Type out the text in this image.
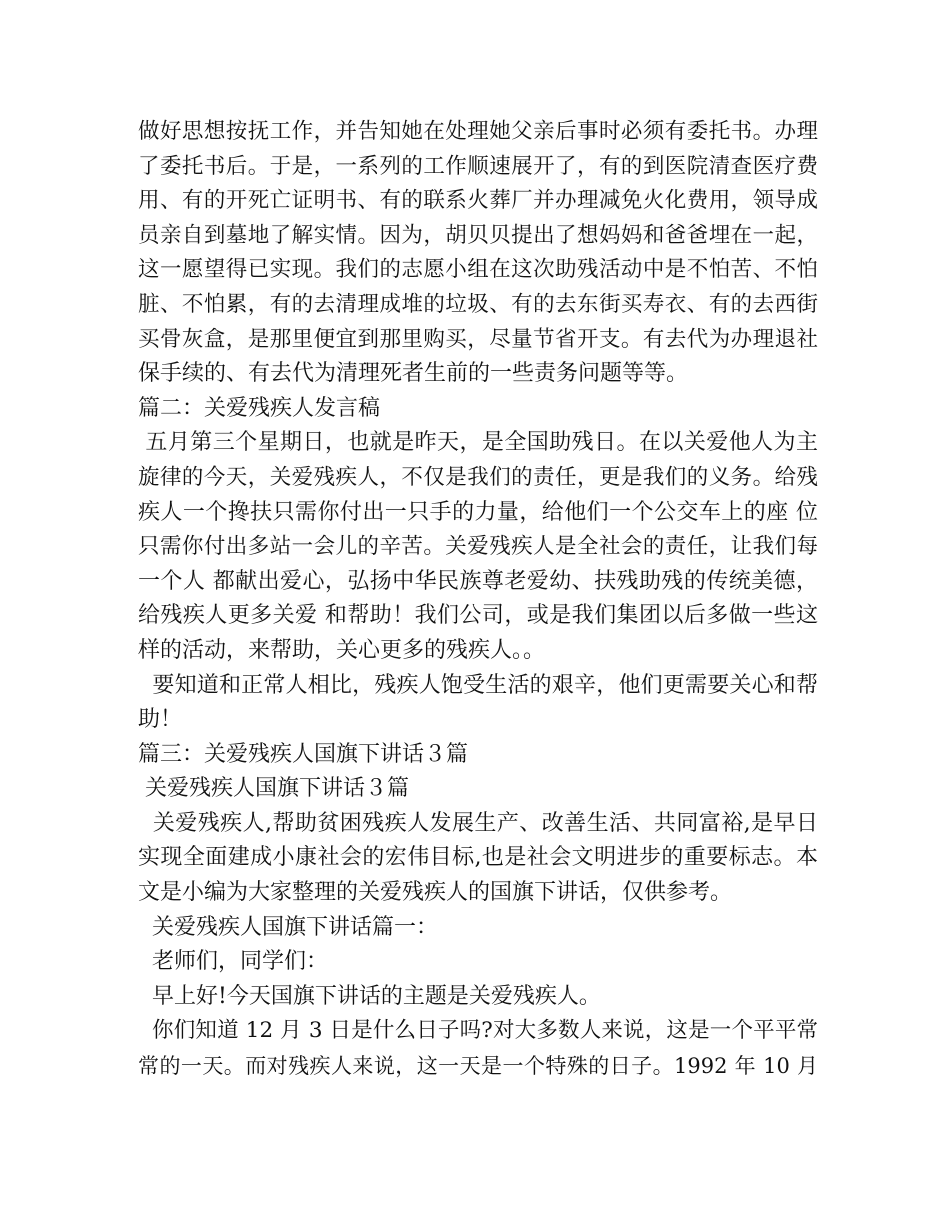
做好思想按抚工作，并告知她在处理她父亲后事时必须有委托书。办理
了委托书后。于是，一系列的工作顺速展开了，有的到医院清查医疗费
用、有的开死亡证明书、有的联系火葬厂并办理减免火化费用，领导成
员亲自到墓地了解实情。因为，胡贝贝提出了想妈妈和爸爸埋在一起，
这一愿望得已实现。我们的志愿小组在这次助残活动中是不怕苦、不怕
脏、不怕累，有的去清理成堆的垃圾、有的去东街买寿衣、有的去西街
买骨灰盒，是那里便宜到那里购买，尽量节省开支。有去代为办理退社
保手续的、有去代为清理死者生前的一些责务问题等等。
篇二：关爱残疾人发言稿
五月第三个星期日，也就是昨天，是全国助残日。在以关爱他人为主
旋律的今天，关爱残疾人，不仅是我们的责任，更是我们的义务。给残
疾人一个搀扶只需你付出一只手的力量，给他们一个公交车上的座 位
只需你付出多站一会儿的辛苦。关爱残疾人是全社会的责任，让我们每
一个人 都献出爱心，弘扬中华民族尊老爱幼、扶残助残的传统美德，
给残疾人更多关爱 和帮助！我们公司，或是我们集团以后多做一些这
样的活动，来帮助，关心更多的残疾人。。
要知道和正常人相比，残疾人饱受生活的艰辛，他们更需要关心和帮
助！
篇三：关爱残疾人国旗下讲话３篇
关爱残疾人国旗下讲话３篇
关爱残疾人,帮助贫困残疾人发展生产、改善生活、共同富裕,是早日
实现全面建成小康社会的宏伟目标,也是社会文明进步的重要标志。本
文是小编为大家整理的关爱残疾人的国旗下讲话，仅供参考。
关爱残疾人国旗下讲话篇一：
老师们，同学们：
早上好!今天国旗下讲话的主题是关爱残疾人。
你们知道 12 月 3 日是什么日子吗?对大多数人来说，这是一个平平常
常的一天。而对残疾人来说，这一天是一个特殊的日子。1992 年 10 月
